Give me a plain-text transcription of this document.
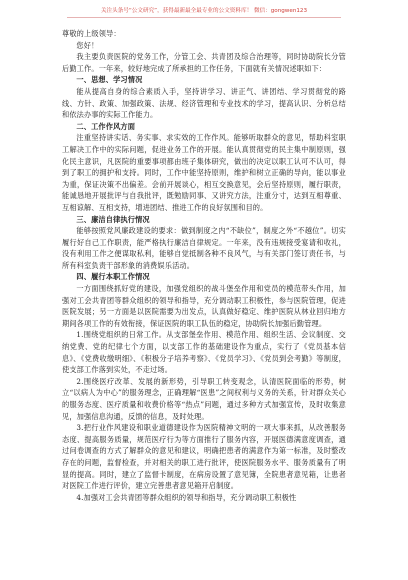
关注头条号“公文研究”，获得最新最全最专业的公文资料库！ 微信：gongwen123

尊敬的上级领导：

您好！

我主要负责医院的党务工作，分管工会、共青团及综合治理等，同时协助院长分管后勤工作。一年来，较好地完成了所承担的工作任务，下面就有关情况述职如下：

一、思想、学习情况

能从提高自身的综合素质入手，坚持讲学习、讲正气、讲团结、学习贯彻党的路线、方针、政策、加强政策、法规、经济管理和专业技术的学习，提高认识、分析总结和依法办事的实际工作能力。

二、工作作风方面

注重坚持讲实话、务实事、求实效的工作作风。能够听取群众的意见，帮助科室职工解决工作中的实际问题，促进业务工作的开展。能认真贯彻党的民主集中制原则，强化民主意识，凡医院的重要事项都由班子集体研究，做出的决定以职工认可不认可，得到了职工的拥护和支持。同时，工作中能坚持原则，维护和树立正确的导向，能以事业为重，保证决策不出偏差。会前开展谈心，相互交换意见，会后坚持原则，履行职责，能诚恳地开展批评与自我批评，既勉励同事、又讲究方法，注重分寸，达到互相尊重、互相谅解、互相支持，增进团结、推进工作的良好氛围和目的。

三、廉洁自律执行情况

能够按照党风廉政建设的要求：做到制度之内“不缺位”，制度之外“不越位”。切实履行好自己工作职责，能严格执行廉洁自律规定。一年来，没有违规接受宴请和收礼，没有利用工作之便谋取私利，能够自觉抵制各种不良风气，与有关部门签订责任书，与所有科室负责干部形象的消费娱乐活动。

四、履行本职工作情况

一方面围绕抓好党的建设，加强党组织的战斗堡垒作用和党员的模范带头作用，加强对工会共青团等群众组织的领导和指导，充分调动职工积极性，参与医院管理，促进医院发展；另一方面是以医院需要为出发点，认真做好稳定、维护医院从林业回归地方期间各项工作的有效衔接，保证医院的职工队伍的稳定，协助院长加强后勤管理。

1.围绕党组织的日常工作。从支部堡垒作用、模范作用、组织生活、会议制度、交纳党费、党的纪律七个方面，以支部工作的基础建设作为重点，实行了《党员基本信息》、《党费收缴明细》、《积极分子培养考察》、《党员学习》、《党员到会考勤》等制度，使支部工作落到实处，不走过场。

2.围绕医疗改革、发展的新形势，引导职工转变观念，认清医院面临的形势，树立“以病人为中心”的服务理念，正确理解“医患”之间权利与义务的关系，针对群众关心的服务态度、医疗质量和收费价格等“热点”问题，通过多种方式加强宣传，及时收集意见，加强信息沟通，反馈的信息，及时处理。

3.把行业作风建设和职业道德建设作为医院精神文明的一项大事来抓，从改善服务态度、提高服务质量，规范医疗行为等方面推行了服务内容，开展医德满意度调查，通过问卷调查的方式了解群众的意见和建议，明确把患者的满意作为第一标准，及时整改存在的问题，监督检查，并对相关的职工进行批评，使医院服务水平、服务质量有了明显的提高。同时，建立了监督卡制度，在病房设置了意见簿，全院患者意见箱，让患者对医院工作进行评价，建立完善患者意见箱开启制度。

4.加强对工会共青团等群众组织的领导和指导，充分调动职工积极性
